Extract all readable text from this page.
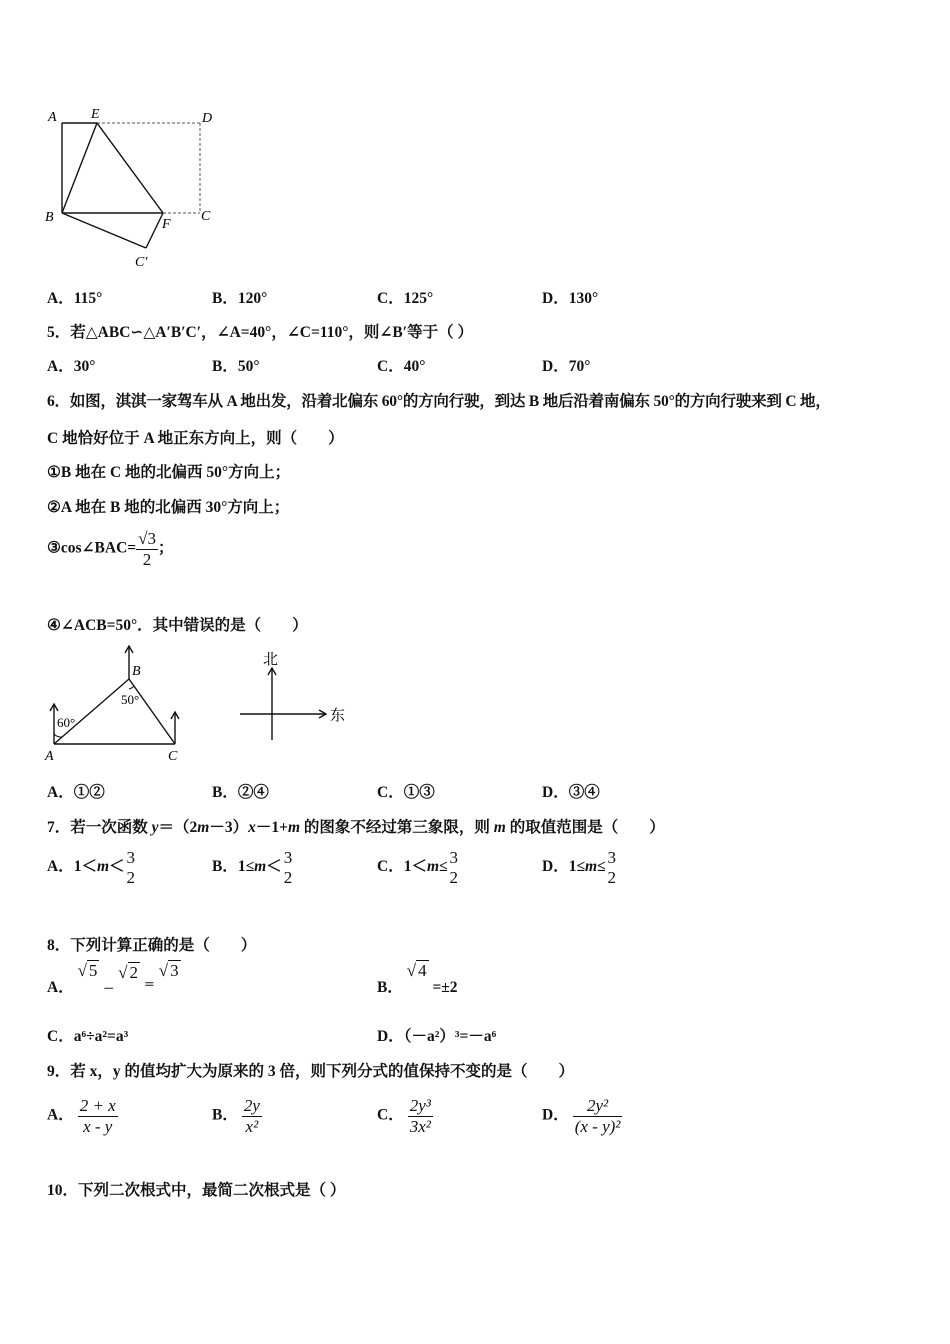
A E	D
B	F
C
C′
A．115°	B．120°	C．125°	D．130°
5．若△ABC∽△A′B′C′，∠A=40°，∠C=110°，则∠B′等于（ ）
A．30°	B．50°	C．40°	D．70°
6．如图，淇淇一家驾车从 A 地出发，沿着北偏东 60°的方向行驶，到达 B 地后沿着南偏东 50°的方向行驶来到 C 地，
C 地恰好位于 A 地正东方向上，则（　　）
①B 地在 C 地的北偏西 50°方向上；
②A 地在 B 地的北偏西 30°方向上；
③cos∠BAC= $\frac{√3}{2}$ ；
④∠ACB=50°．其中错误的是（　　）
A
B
C
60°
50°
北
东
A．①②	B．②④	C．①③	D．③④
7．若一次函数 y＝（2m－3）x－1+m 的图象不经过第三象限，则 m 的取值范围是（　　）
A．1＜m＜ 3
2
B．1≤m＜ 3
2
C．1＜m≤ 3
2
D．1≤m≤ 3
2
8．下列计算正确的是（　　）
A． √ 5 $_-$ √ 2 $_=$ √ 3
B． √ 4 =±2
C．a⁶÷a²=a³	D．（－a²）³=－a⁶
9．若 x，y 的值均扩大为原来的 3 倍，则下列分式的值保持不变的是（　　）
A． $\frac{2 + x}{x - y}$	B． $\frac{2y}{\text{x²}}$	C． $\frac{\text{2y³}}{\text{3x²}}$	D． $\frac{\text{2y²}}{\text{(x - y)²}}$
10．下列二次根式中，最简二次根式是（ ）
